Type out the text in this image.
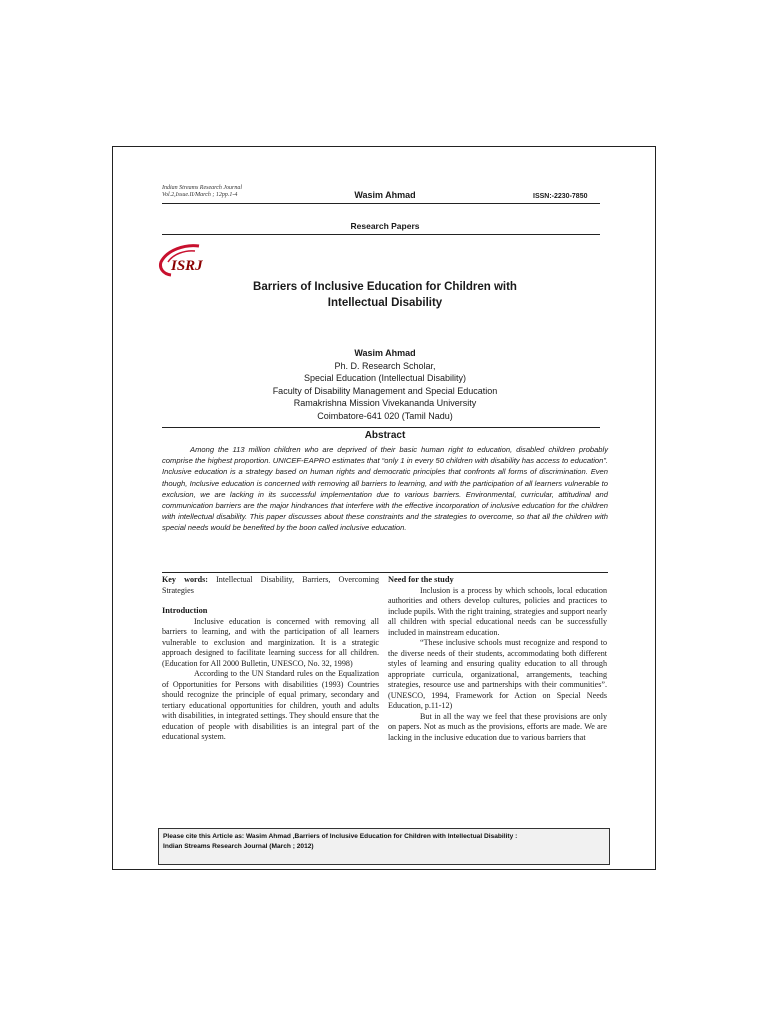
Indian Streams Research Journal
Vol.2,Issue.II/March ; 12pp.1-4	Wasim Ahmad	ISSN:-2230-7850
Research Papers
ISRJ
Barriers of Inclusive Education for Children with
Intellectual Disability
Wasim Ahmad
Ph. D. Research Scholar,
Special Education (Intellectual Disability)
Faculty of Disability Management and Special Education
Ramakrishna Mission Vivekananda University
Coimbatore-641 020 (Tamil Nadu)
Abstract
Among the 113 million children who are deprived of their basic human right to education, disabled children probably comprise the highest proportion. UNICEF-EAPRO estimates that “only 1 in every 50 children with disability has access to education”. Inclusive education is a strategy based on human rights and democratic principles that confronts all forms of discrimination. Even though, Inclusive education is concerned with removing all barriers to learning, and with the participation of all learners vulnerable to exclusion, we are lacking in its successful implementation due to various barriers. Environmental, curricular, attitudinal and communication barriers are the major hindrances that interfere with the effective incorporation of inclusive education for the children with intellectual disability. This paper discusses about these constraints and the strategies to overcome, so that all the children with special needs would be benefited by the boon called inclusive education.

Key words: Intellectual Disability, Barriers, Overcoming Strategies

Introduction

Inclusive education is concerned with removing all barriers to learning, and with the participation of all learners vulnerable to exclusion and marginization. It is a strategic approach designed to facilitate learning success for all children. (Education for All 2000 Bulletin, UNESCO, No. 32, 1998)

According to the UN Standard rules on the Equalization of Opportunities for Persons with disabilities (1993) Countries should recognize the principle of equal primary, secondary and tertiary educational opportunities for children, youth and adults with disabilities, in integrated settings. They should ensure that the education of people with disabilities is an integral part of the educational system.

Need for the study

Inclusion is a process by which schools, local education authorities and others develop cultures, policies and practices to include pupils. With the right training, strategies and support nearly all children with special educational needs can be successfully included in mainstream education.

“These inclusive schools must recognize and respond to the diverse needs of their students, accommodating both different styles of learning and ensuring quality education to all through appropriate curricula, organizational, arrangements, teaching strategies, resource use and partnerships with their communities”. (UNESCO, 1994, Framework for Action on Special Needs Education, p.11-12)

But in all the way we feel that these provisions are only on papers. Not as much as the provisions, efforts are made. We are lacking in the inclusive education due to various barriers that

Please cite this Article as: Wasim Ahmad ,Barriers of Inclusive Education for Children with Intellectual Disability :
Indian Streams Research Journal (March ; 2012)
